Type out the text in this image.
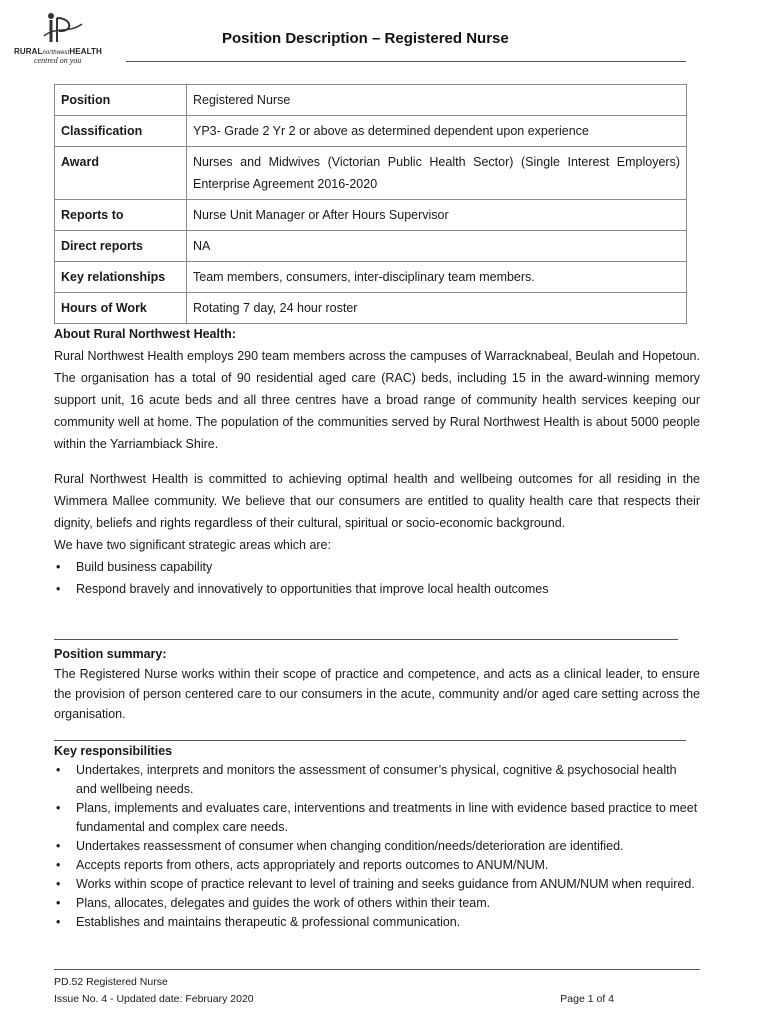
RURALnorthwestHEALTH
centred on you
Position Description – Registered Nurse
Position	Registered Nurse
Classification	YP3- Grade 2 Yr 2 or above as determined dependent upon experience
Award	Nurses and Midwives (Victorian Public Health Sector) (Single Interest Employers) Enterprise Agreement 2016-2020
Reports to	Nurse Unit Manager or After Hours Supervisor
Direct reports	NA
Key relationships	Team members, consumers, inter-disciplinary team members.
Hours of Work	Rotating 7 day, 24 hour roster
About Rural Northwest Health:

Rural Northwest Health employs 290 team members across the campuses of Warracknabeal, Beulah and Hopetoun. The organisation has a total of 90 residential aged care (RAC) beds, including 15 in the award-winning memory support unit, 16 acute beds and all three centres have a broad range of community health services keeping our community well at home. The population of the communities served by Rural Northwest Health is about 5000 people within the Yarriambiack Shire.

Rural Northwest Health is committed to achieving optimal health and wellbeing outcomes for all residing in the Wimmera Mallee community. We believe that our consumers are entitled to quality health care that respects their dignity, beliefs and rights regardless of their cultural, spiritual or socio-economic background.

We have two significant strategic areas which are:

• Build business capability
• Respond bravely and innovatively to opportunities that improve local health outcomes
Position summary:

The Registered Nurse works within their scope of practice and competence, and acts as a clinical leader, to ensure the provision of person centered care to our consumers in the acute, community and/or aged care setting across the organisation.

Key responsibilities
• Undertakes, interprets and monitors the assessment of consumer’s physical, cognitive & psychosocial health and wellbeing needs.
• Plans, implements and evaluates care, interventions and treatments in line with evidence based practice to meet fundamental and complex care needs.
• Undertakes reassessment of consumer when changing condition/needs/deterioration are identified.
• Accepts reports from others, acts appropriately and reports outcomes to ANUM/NUM.
• Works within scope of practice relevant to level of training and seeks guidance from ANUM/NUM when required.
• Plans, allocates, delegates and guides the work of others within their team.
• Establishes and maintains therapeutic & professional communication.
PD.52 Registered Nurse
Issue No. 4 - Updated date: February 2020	Page 1 of 4
